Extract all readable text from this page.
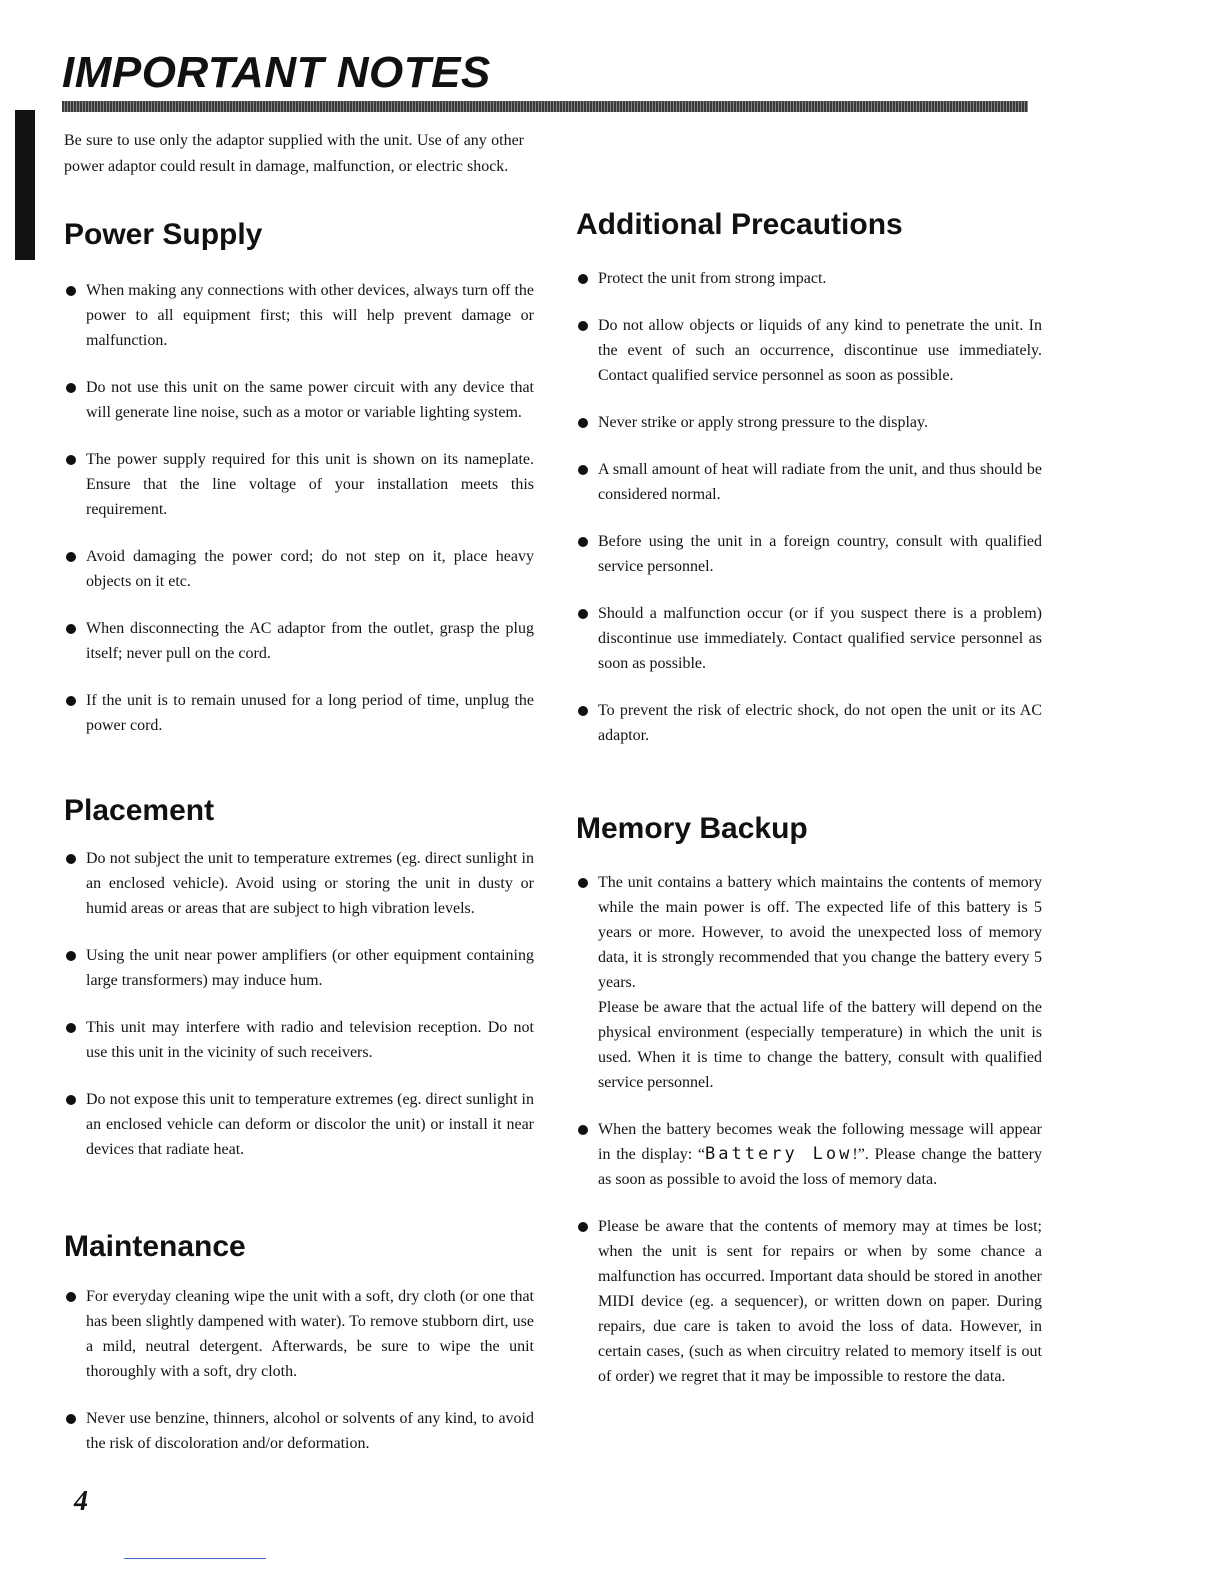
IMPORTANT NOTES

Be sure to use only the adaptor supplied with the unit. Use of any other power adaptor could result in damage, malfunction, or electric shock.

Power Supply
When making any connections with other devices, always turn off the power to all equipment first; this will help prevent damage or malfunction.
Do not use this unit on the same power circuit with any device that will generate line noise, such as a motor or variable lighting system.
The power supply required for this unit is shown on its nameplate. Ensure that the line voltage of your installation meets this requirement.
Avoid damaging the power cord; do not step on it, place heavy objects on it etc.
When disconnecting the AC adaptor from the outlet, grasp the plug itself; never pull on the cord.
If the unit is to remain unused for a long period of time, unplug the power cord.
Placement
Do not subject the unit to temperature extremes (eg. direct sunlight in an enclosed vehicle). Avoid using or storing the unit in dusty or humid areas or areas that are subject to high vibration levels.
Using the unit near power amplifiers (or other equipment containing large transformers) may induce hum.
This unit may interfere with radio and television reception. Do not use this unit in the vicinity of such receivers.
Do not expose this unit to temperature extremes (eg. direct sunlight in an enclosed vehicle can deform or discolor the unit) or install it near devices that radiate heat.
Maintenance
For everyday cleaning wipe the unit with a soft, dry cloth (or one that has been slightly dampened with water). To remove stubborn dirt, use a mild, neutral detergent. Afterwards, be sure to wipe the unit thoroughly with a soft, dry cloth.
Never use benzine, thinners, alcohol or solvents of any kind, to avoid the risk of discoloration and/or deformation.
Additional Precautions
Protect the unit from strong impact.
Do not allow objects or liquids of any kind to penetrate the unit. In the event of such an occurrence, discontinue use immediately. Contact qualified service personnel as soon as possible.
Never strike or apply strong pressure to the display.
A small amount of heat will radiate from the unit, and thus should be considered normal.
Before using the unit in a foreign country, consult with qualified service personnel.
Should a malfunction occur (or if you suspect there is a problem) discontinue use immediately. Contact qualified service personnel as soon as possible.
To prevent the risk of electric shock, do not open the unit or its AC adaptor.
Memory Backup
The unit contains a battery which maintains the contents of memory while the main power is off. The expected life of this battery is 5 years or more. However, to avoid the unexpected loss of memory data, it is strongly recommended that you change the battery every 5 years.
Please be aware that the actual life of the battery will depend on the physical environment (especially temperature) in which the unit is used. When it is time to change the battery, consult with qualified service personnel.
When the battery becomes weak the following message will appear in the display: “Battery Low!”. Please change the battery as soon as possible to avoid the loss of memory data.
Please be aware that the contents of memory may at times be lost; when the unit is sent for repairs or when by some chance a malfunction has occurred. Important data should be stored in another MIDI device (eg. a sequencer), or written down on paper. During repairs, due care is taken to avoid the loss of data. However, in certain cases, (such as when circuitry related to memory itself is out of order) we regret that it may be impossible to restore the data.
4
